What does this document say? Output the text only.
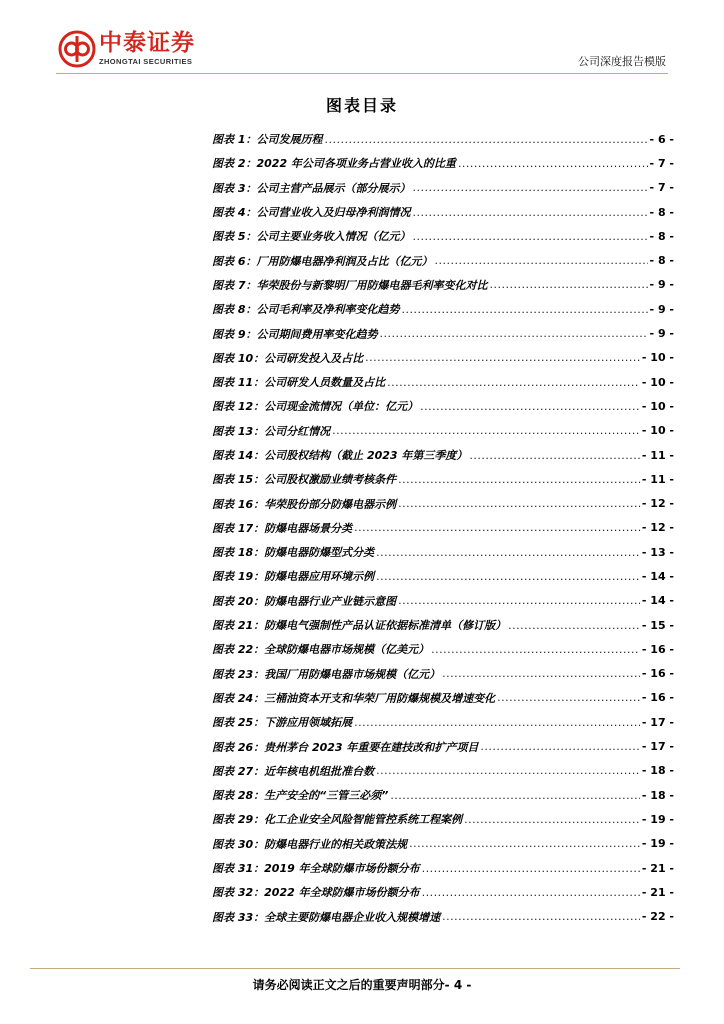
中泰证券
ZHONGTAI SECURITIES	公司深度报告模版
图表目录
图表 1：公司发展历程 .....	- 6 -
图表 2：2022 年公司各项业务占营业收入的比重 .....	- 7 -
图表 3：公司主营产品展示（部分展示） .....	- 7 -
图表 4：公司营业收入及归母净利润情况 .....	- 8 -
图表 5：公司主要业务收入情况（亿元） .....	- 8 -
图表 6：厂用防爆电器净利润及占比（亿元） .....	- 8 -
图表 7：华荣股份与新黎明厂用防爆电器毛利率变化对比 .....	- 9 -
图表 8：公司毛利率及净利率变化趋势 .....	- 9 -
图表 9：公司期间费用率变化趋势 .....	- 9 -
图表 10：公司研发投入及占比 .....	- 10 -
图表 11：公司研发人员数量及占比 .....	- 10 -
图表 12：公司现金流情况（单位：亿元） .....	- 10 -
图表 13：公司分红情况 .....	- 10 -
图表 14：公司股权结构（截止 2023 年第三季度） .....	- 11 -
图表 15：公司股权激励业绩考核条件 .....	- 11 -
图表 16：华荣股份部分防爆电器示例 .....	- 12 -
图表 17：防爆电器场景分类 .....	- 12 -
图表 18：防爆电器防爆型式分类 .....	- 13 -
图表 19：防爆电器应用环境示例 .....	- 14 -
图表 20：防爆电器行业产业链示意图 .....	- 14 -
图表 21：防爆电气强制性产品认证依据标准清单（修订版） .....	- 15 -
图表 22：全球防爆电器市场规模（亿美元） .....	- 16 -
图表 23：我国厂用防爆电器市场规模（亿元） .....	- 16 -
图表 24：三桶油资本开支和华荣厂用防爆规模及增速变化 .....	- 16 -
图表 25：下游应用领域拓展 .....	- 17 -
图表 26：贵州茅台 2023 年重要在建技改和扩产项目 .....	- 17 -
图表 27：近年核电机组批准台数 .....	- 18 -
图表 28：生产安全的“三管三必须” .....	- 18 -
图表 29：化工企业安全风险智能管控系统工程案例 .....	- 19 -
图表 30：防爆电器行业的相关政策法规 .....	- 19 -
图表 31：2019 年全球防爆市场份额分布 .....	- 21 -
图表 32：2022 年全球防爆市场份额分布 .....	- 21 -
图表 33：全球主要防爆电器企业收入规模增速 .....	- 22 -
请务必阅读正文之后的重要声明部分- 4 -
